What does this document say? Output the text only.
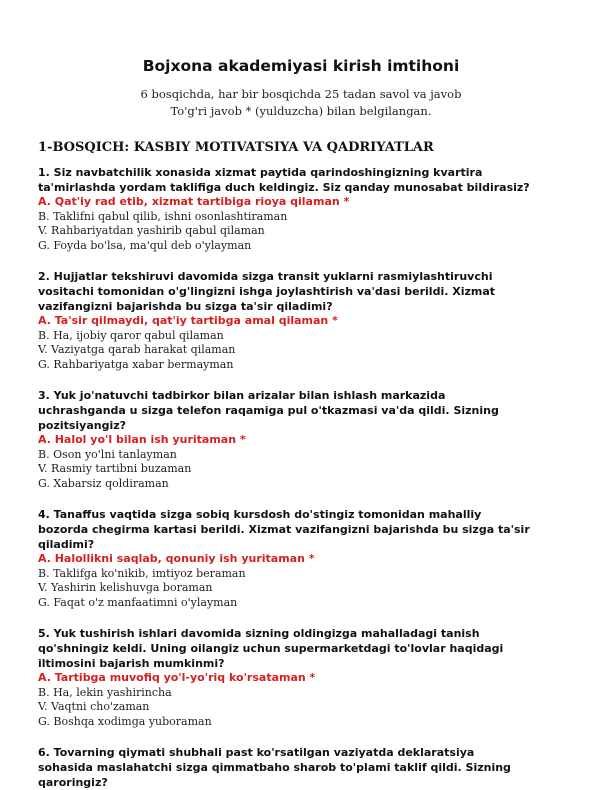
Bojxona akademiyasi kirish imtihoni
6 bosqichda, har bir bosqichda 25 tadan savol va javob
To'g'ri javob * (yulduzcha) bilan belgilangan.
1-BOSQICH: KASBIY MOTIVATSIYA VA QADRIYATLAR
1. Siz navbatchilik xonasida xizmat paytida qarindoshingizning kvartira ta'mirlashda yordam taklifiga duch keldingiz. Siz qanday munosabat bildirasiz?
A. Qat'iy rad etib, xizmat tartibiga rioya qilaman *
B. Taklifni qabul qilib, ishni osonlashtiraman
V. Rahbariyatdan yashirib qabul qilaman
G. Foyda bo'lsa, ma'qul deb o'ylayman
2. Hujjatlar tekshiruvi davomida sizga transit yuklarni rasmiylashtiruvchi vositachi tomonidan o'g'lingizni ishga joylashtirish va'dasi berildi. Xizmat vazifangizni bajarishda bu sizga ta'sir qiladimi?
A. Ta'sir qilmaydi, qat'iy tartibga amal qilaman *
B. Ha, ijobiy qaror qabul qilaman
V. Vaziyatga qarab harakat qilaman
G. Rahbariyatga xabar bermayman
3. Yuk jo'natuvchi tadbirkor bilan arizalar bilan ishlash markazida uchrashganda u sizga telefon raqamiga pul o'tkazmasi va'da qildi. Sizning pozitsiyangiz?
A. Halol yo'l bilan ish yuritaman *
B. Oson yo'lni tanlayman
V. Rasmiy tartibni buzaman
G. Xabarsiz qoldiraman
4. Tanaffus vaqtida sizga sobiq kursdosh do'stingiz tomonidan mahalliy bozorda chegirma kartasi berildi. Xizmat vazifangizni bajarishda bu sizga ta'sir qiladimi?
A. Halollikni saqlab, qonuniy ish yuritaman *
B. Taklifga ko'nikib, imtiyoz beraman
V. Yashirin kelishuvga boraman
G. Faqat o'z manfaatimni o'ylayman
5. Yuk tushirish ishlari davomida sizning oldingizga mahalladagi tanish qo'shningiz keldi. Uning oilangiz uchun supermarketdagi to'lovlar haqidagi iltimosini bajarish mumkinmi?
A. Tartibga muvofiq yo'l-yo'riq ko'rsataman *
B. Ha, lekin yashirincha
V. Vaqtni cho'zaman
G. Boshqa xodimga yuboraman
6. Tovarning qiymati shubhali past ko'rsatilgan vaziyatda deklaratsiya sohasida maslahatchi sizga qimmatbaho sharob to'plami taklif qildi. Sizning qaroringiz?
